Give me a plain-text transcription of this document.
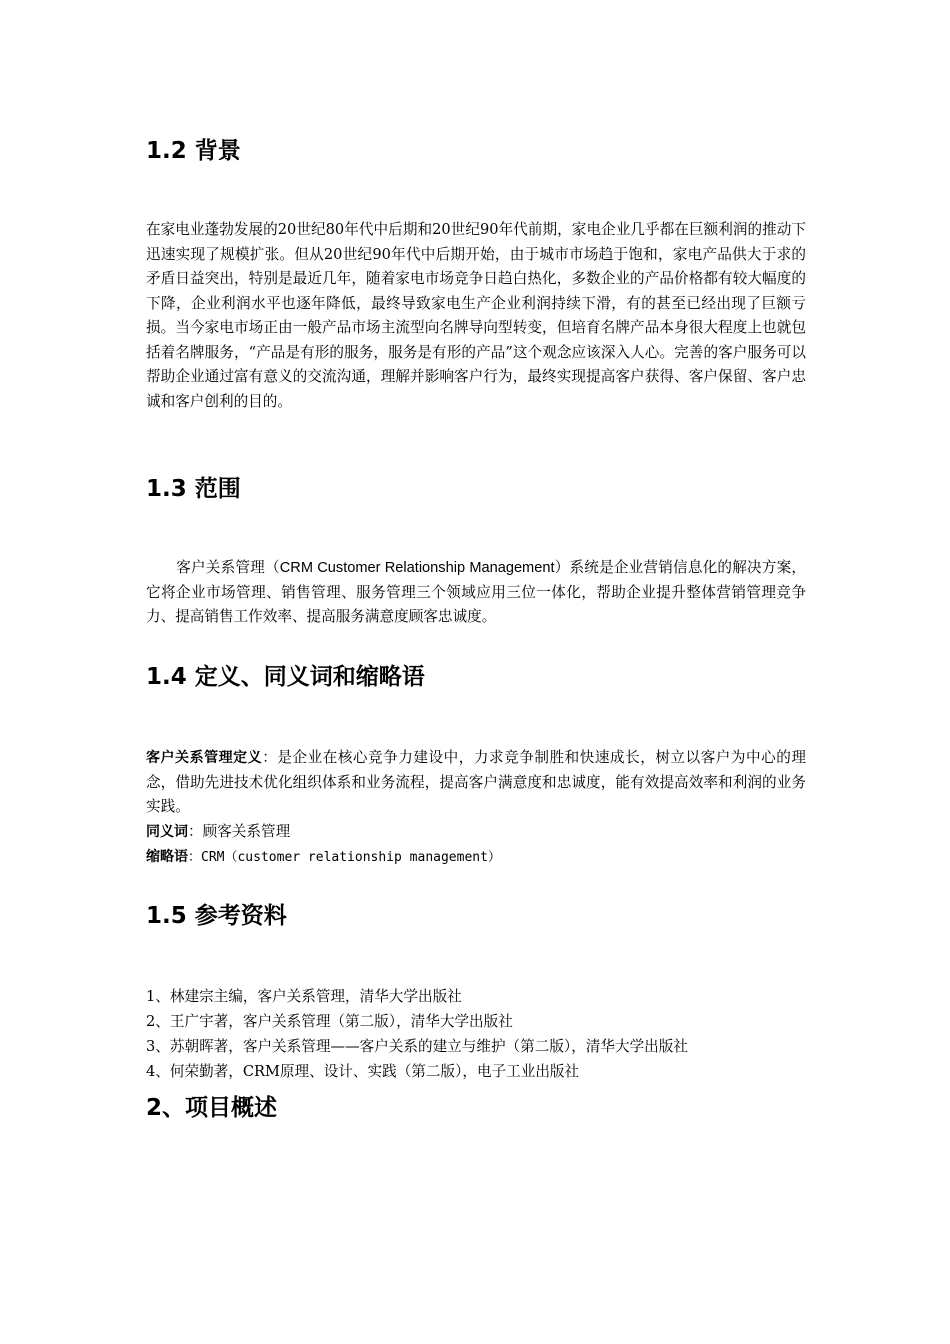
1.2 背景

在家电业蓬勃发展的20世纪80年代中后期和20世纪90年代前期，家电企业几乎都在巨额利润的推动下迅速实现了规模扩张。但从20世纪90年代中后期开始，由于城市市场趋于饱和，家电产品供大于求的矛盾日益突出，特别是最近几年，随着家电市场竞争日趋白热化，多数企业的产品价格都有较大幅度的下降，企业利润水平也逐年降低，最终导致家电生产企业利润持续下滑，有的甚至已经出现了巨额亏损。当今家电市场正由一般产品市场主流型向名牌导向型转变，但培育名牌产品本身很大程度上也就包括着名牌服务，“产品是有形的服务，服务是有形的产品”这个观念应该深入人心。完善的客户服务可以帮助企业通过富有意义的交流沟通，理解并影响客户行为，最终实现提高客户获得、客户保留、客户忠诚和客户创利的目的。

1.3 范围

客户关系管理（CRM Customer Relationship Management）系统是企业营销信息化的解决方案，它将企业市场管理、销售管理、服务管理三个领域应用三位一体化，帮助企业提升整体营销管理竞争力、提高销售工作效率、提高服务满意度顾客忠诚度。

1.4 定义、同义词和缩略语

客户关系管理定义：是企业在核心竞争力建设中，力求竞争制胜和快速成长，树立以客户为中心的理念，借助先进技术优化组织体系和业务流程，提高客户满意度和忠诚度，能有效提高效率和利润的业务实践。

同义词：顾客关系管理

缩略语：CRM（customer relationship management）

1.5 参考资料
1、林建宗主编，客户关系管理，清华大学出版社
2、王广宇著，客户关系管理（第二版），清华大学出版社
3、苏朝晖著，客户关系管理——客户关系的建立与维护（第二版），清华大学出版社
4、何荣勤著，CRM原理、设计、实践（第二版），电子工业出版社
2、项目概述
